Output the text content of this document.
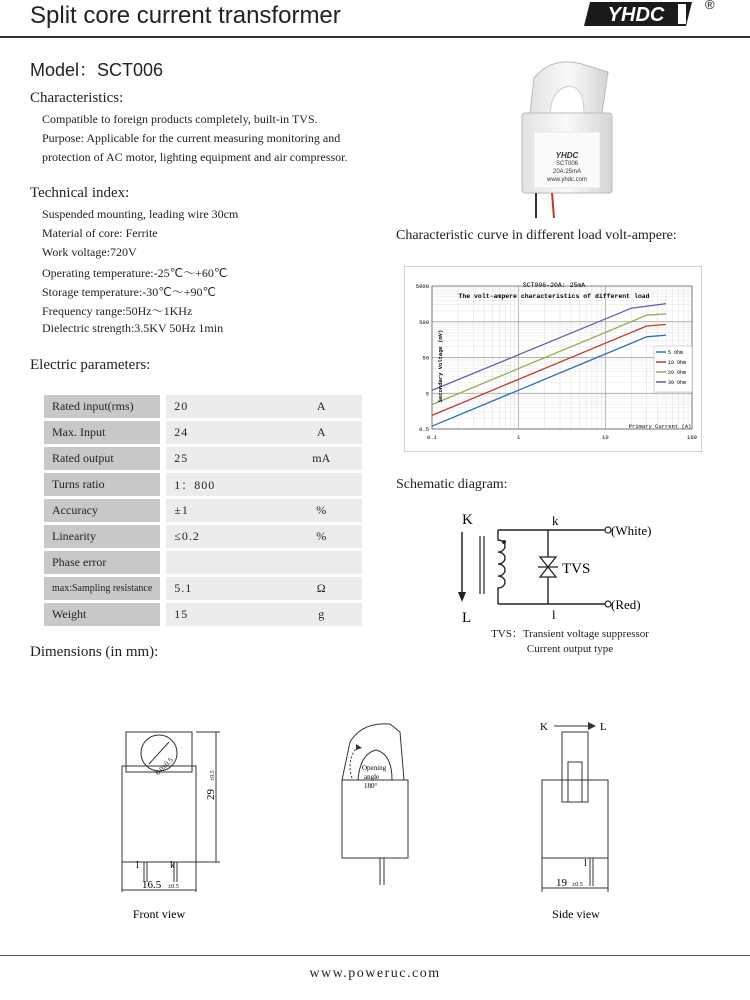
Split core current transformer	YHDC	®
Model：SCT006
Characteristics:
Compatible to foreign products completely, built-in TVS.
Purpose: Applicable for the current measuring monitoring and
protection of AC motor, lighting equipment and air compressor.
Technical index:
Suspended mounting, leading wire 30cm
Material of core: Ferrite
Work voltage:720V
Operating temperature:-25℃～+60℃
Storage temperature:-30℃～+90℃
Frequency range:50Hz～1KHz
Dielectric strength:3.5KV 50Hz 1min
Electric parameters:
Rated input(rms)	20	A
Max. Input	24	A
Rated output	25	mA
Turns ratio	1：800	
Accuracy	±1	%
Linearity	≤0.2	%
Phase error		
max:Sampling resistance	5.1	Ω
Weight	15	g
YHDC
SCT006
20A:25mA
www.yhdc.com
Characteristic curve in different load volt-ampere:
0.1	1	10	100
0.5
5
50
500
5000
5 Ohm
10 Ohm
20 Ohm
30 Ohm
SCT006-20A: 25mA
The volt-ampere characteristics of different load
Primary Current (A)
Secondary Voltage (mV)
Schematic diagram:
K
L
k
l
(White)
(Red)
TVS
TVS：Transient voltage suppressor
Current output type
Dimensions (in mm):
6.0±0.5
29
±0.5
16.5 ±0.5
l	k
Front view
Opening
angle
180°
K	L
l
19 ±0.5
Side view
www.poweruc.com
